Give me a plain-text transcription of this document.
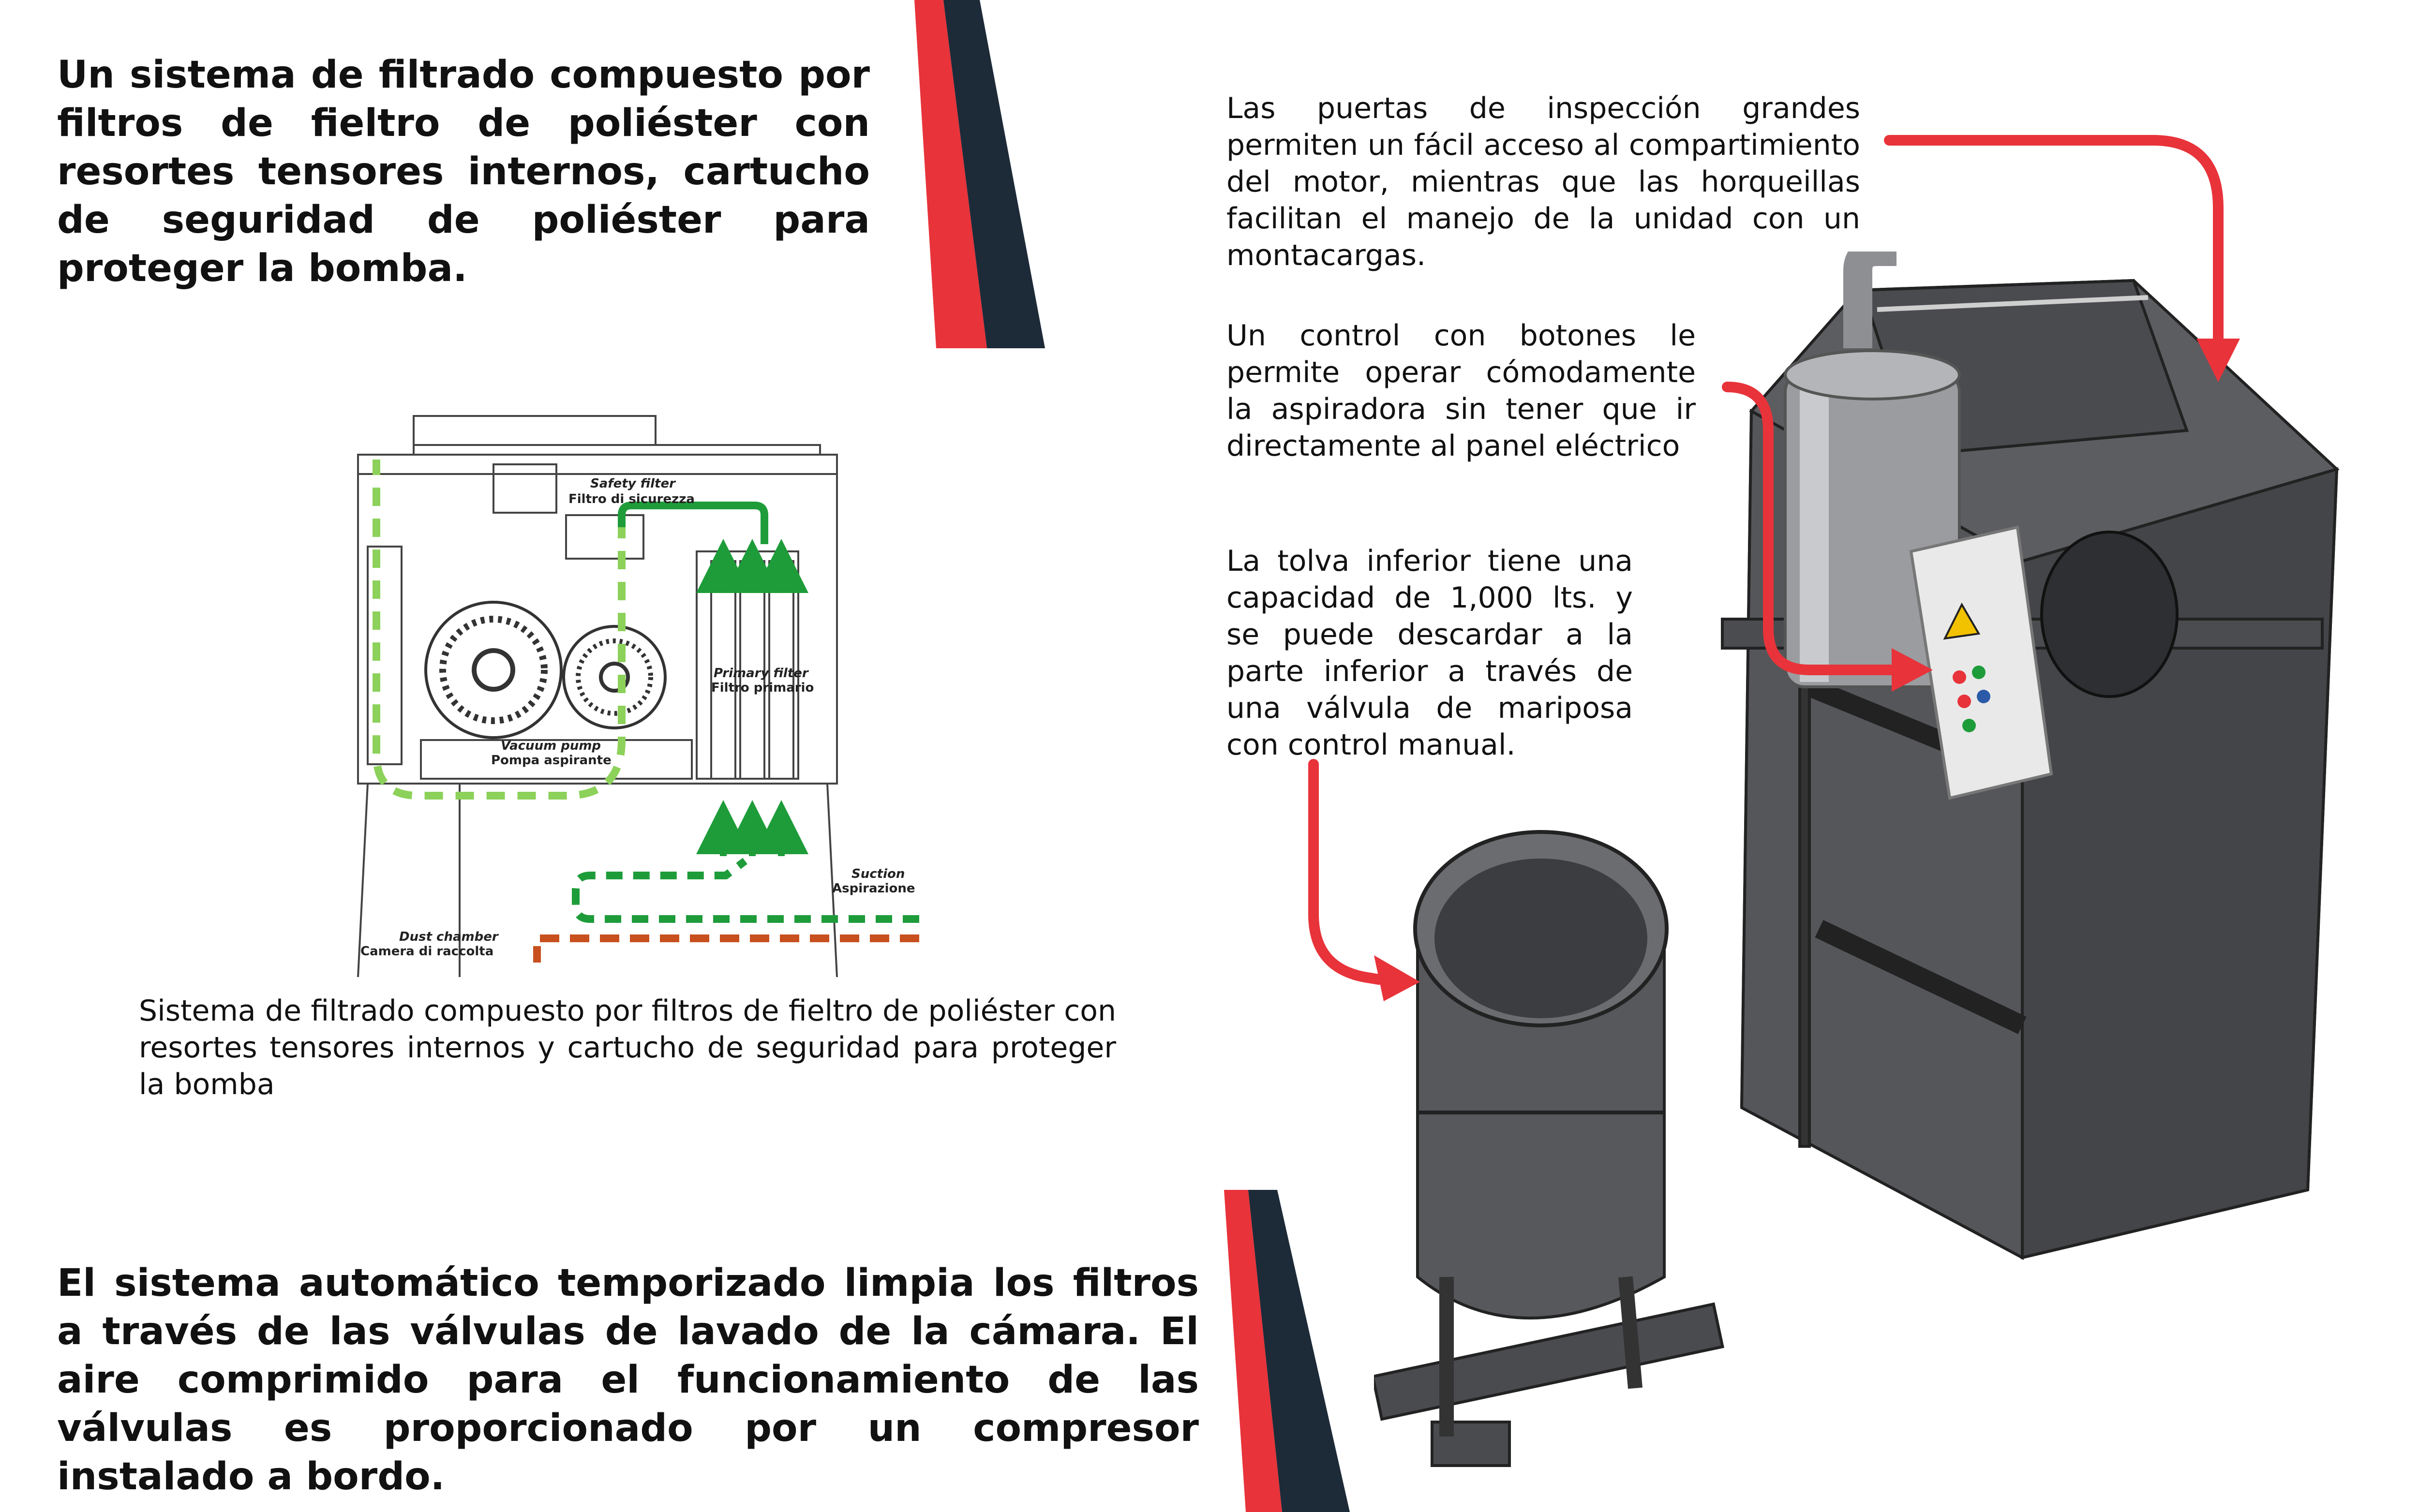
Un sistema de filtrado compuesto por filtros de fieltro de poliéster con resortes tensores internos, cartucho de seguridad de poliéster para proteger la bomba.
Safety filter
Filtro di sicurezza
Primary filter
Filtro primario
Vacuum pump
Pompa aspirante
Suction
Aspirazione
Dust chamber
Camera di raccolta
Sistema de filtrado compuesto por filtros de fieltro de poliéster con resortes tensores internos y cartucho de seguridad para proteger la bomba
El sistema automático temporizado limpia los filtros a través de las válvulas de lavado de la cámara. El aire comprimido para el funcionamiento de las válvulas es proporcionado por un compresor instalado a bordo.
Las puertas de inspección grandes permiten un fácil acceso al compartimiento del motor, mientras que las horqueillas facilitan el manejo de la unidad con un montacargas.
Un control con botones le permite operar cómodamente la aspiradora sin tener que ir directamente al panel eléctrico
La tolva inferior tiene una capacidad de 1,000 lts. y se puede descardar a la parte inferior a través de una válvula de mariposa con control manual.
